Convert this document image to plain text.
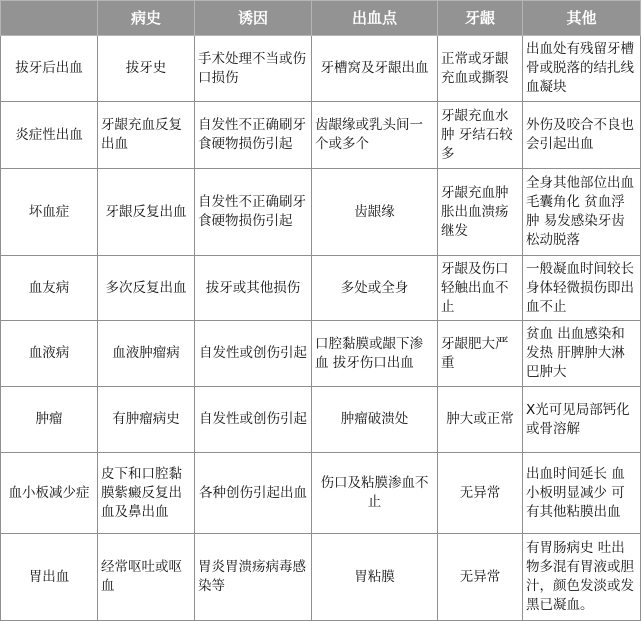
	病史	诱因	出血点	牙龈	其他
拔牙后出血	拔牙史	手术处理不当或伤口损伤	牙槽窝及牙龈出血	正常或牙龈充血或撕裂	出血处有残留牙槽骨或脱落的结扎线血凝块
炎症性出血	牙龈充血反复出血	自发性不正确刷牙食硬物损伤引起	齿龈缘或乳头间一个或多个	牙龈充血水肿 牙结石较多	外伤及咬合不良也会引起出血
坏血症	牙龈反复出血	自发性不正确刷牙食硬物损伤引起	齿龈缘	牙龈充血肿胀出血溃疡继发	全身其他部位出血 毛囊角化 贫血浮肿 易发感染牙齿松动脱落
血友病	多次反复出血	拔牙或其他损伤	多处或全身	牙龈及伤口轻触出血不止	一般凝血时间较长 身体轻微损伤即出血不止
血液病	血液肿瘤病	自发性或创伤引起	口腔黏膜或龈下渗血 拔牙伤口出血	牙龈肥大严重	贫血 出血感染和发热 肝脾肿大淋巴肿大
肿瘤	有肿瘤病史	自发性或创伤引起	肿瘤破溃处	肿大或正常	X光可见局部钙化或骨溶解
血小板减少症	皮下和口腔黏膜紫癜反复出血及鼻出血	各种创伤引起出血	伤口及粘膜渗血不止	无异常	出血时间延长 血小板明显减少 可有其他粘膜出血
胃出血	经常呕吐或呕血	胃炎胃溃疡病毒感染等	胃粘膜	无异常	有胃肠病史 吐出物多混有胃液或胆汁，颜色发淡或发黑已凝血。
